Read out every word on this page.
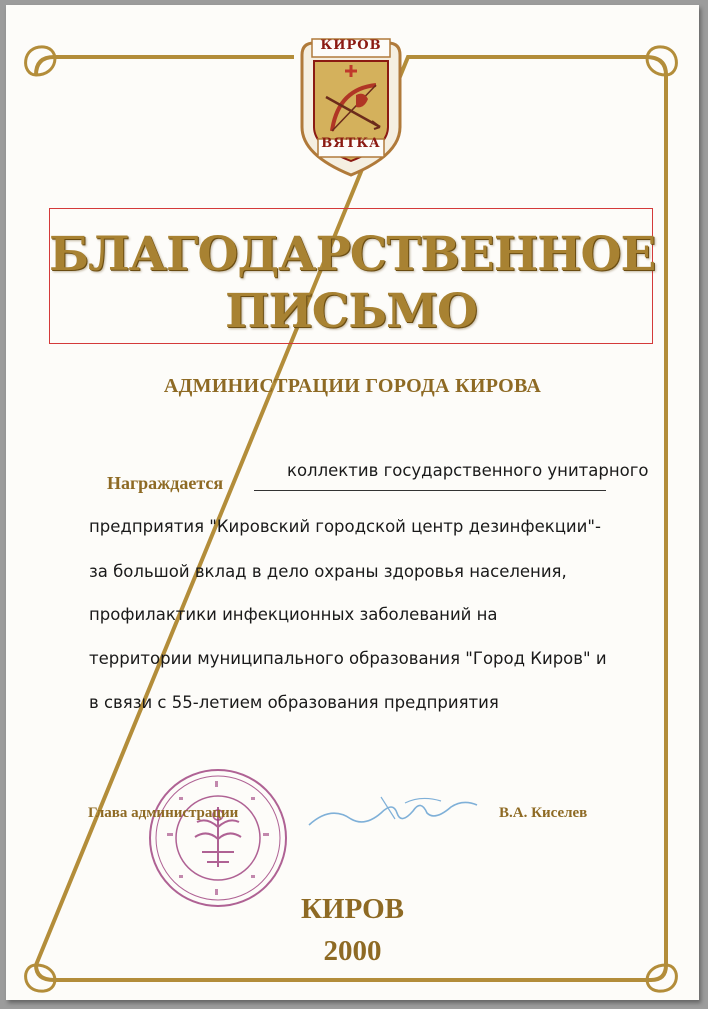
КИРОВ
ВЯТКА
БЛАГОДАРСТВЕННОЕ
ПИСЬМО
АДМИНИСТРАЦИИ ГОРОДА КИРОВА
Награждается
коллектив государственного унитарного
предприятия "Кировский городской центр дезинфекции"-
за большой вклад в дело охраны здоровья населения,
профилактики инфекционных заболеваний на
территории муниципального образования "Город Киров" и
в связи с 55-летием образования предприятия
Глава администрации	В.А. Киселев
КИРОВ
2000
